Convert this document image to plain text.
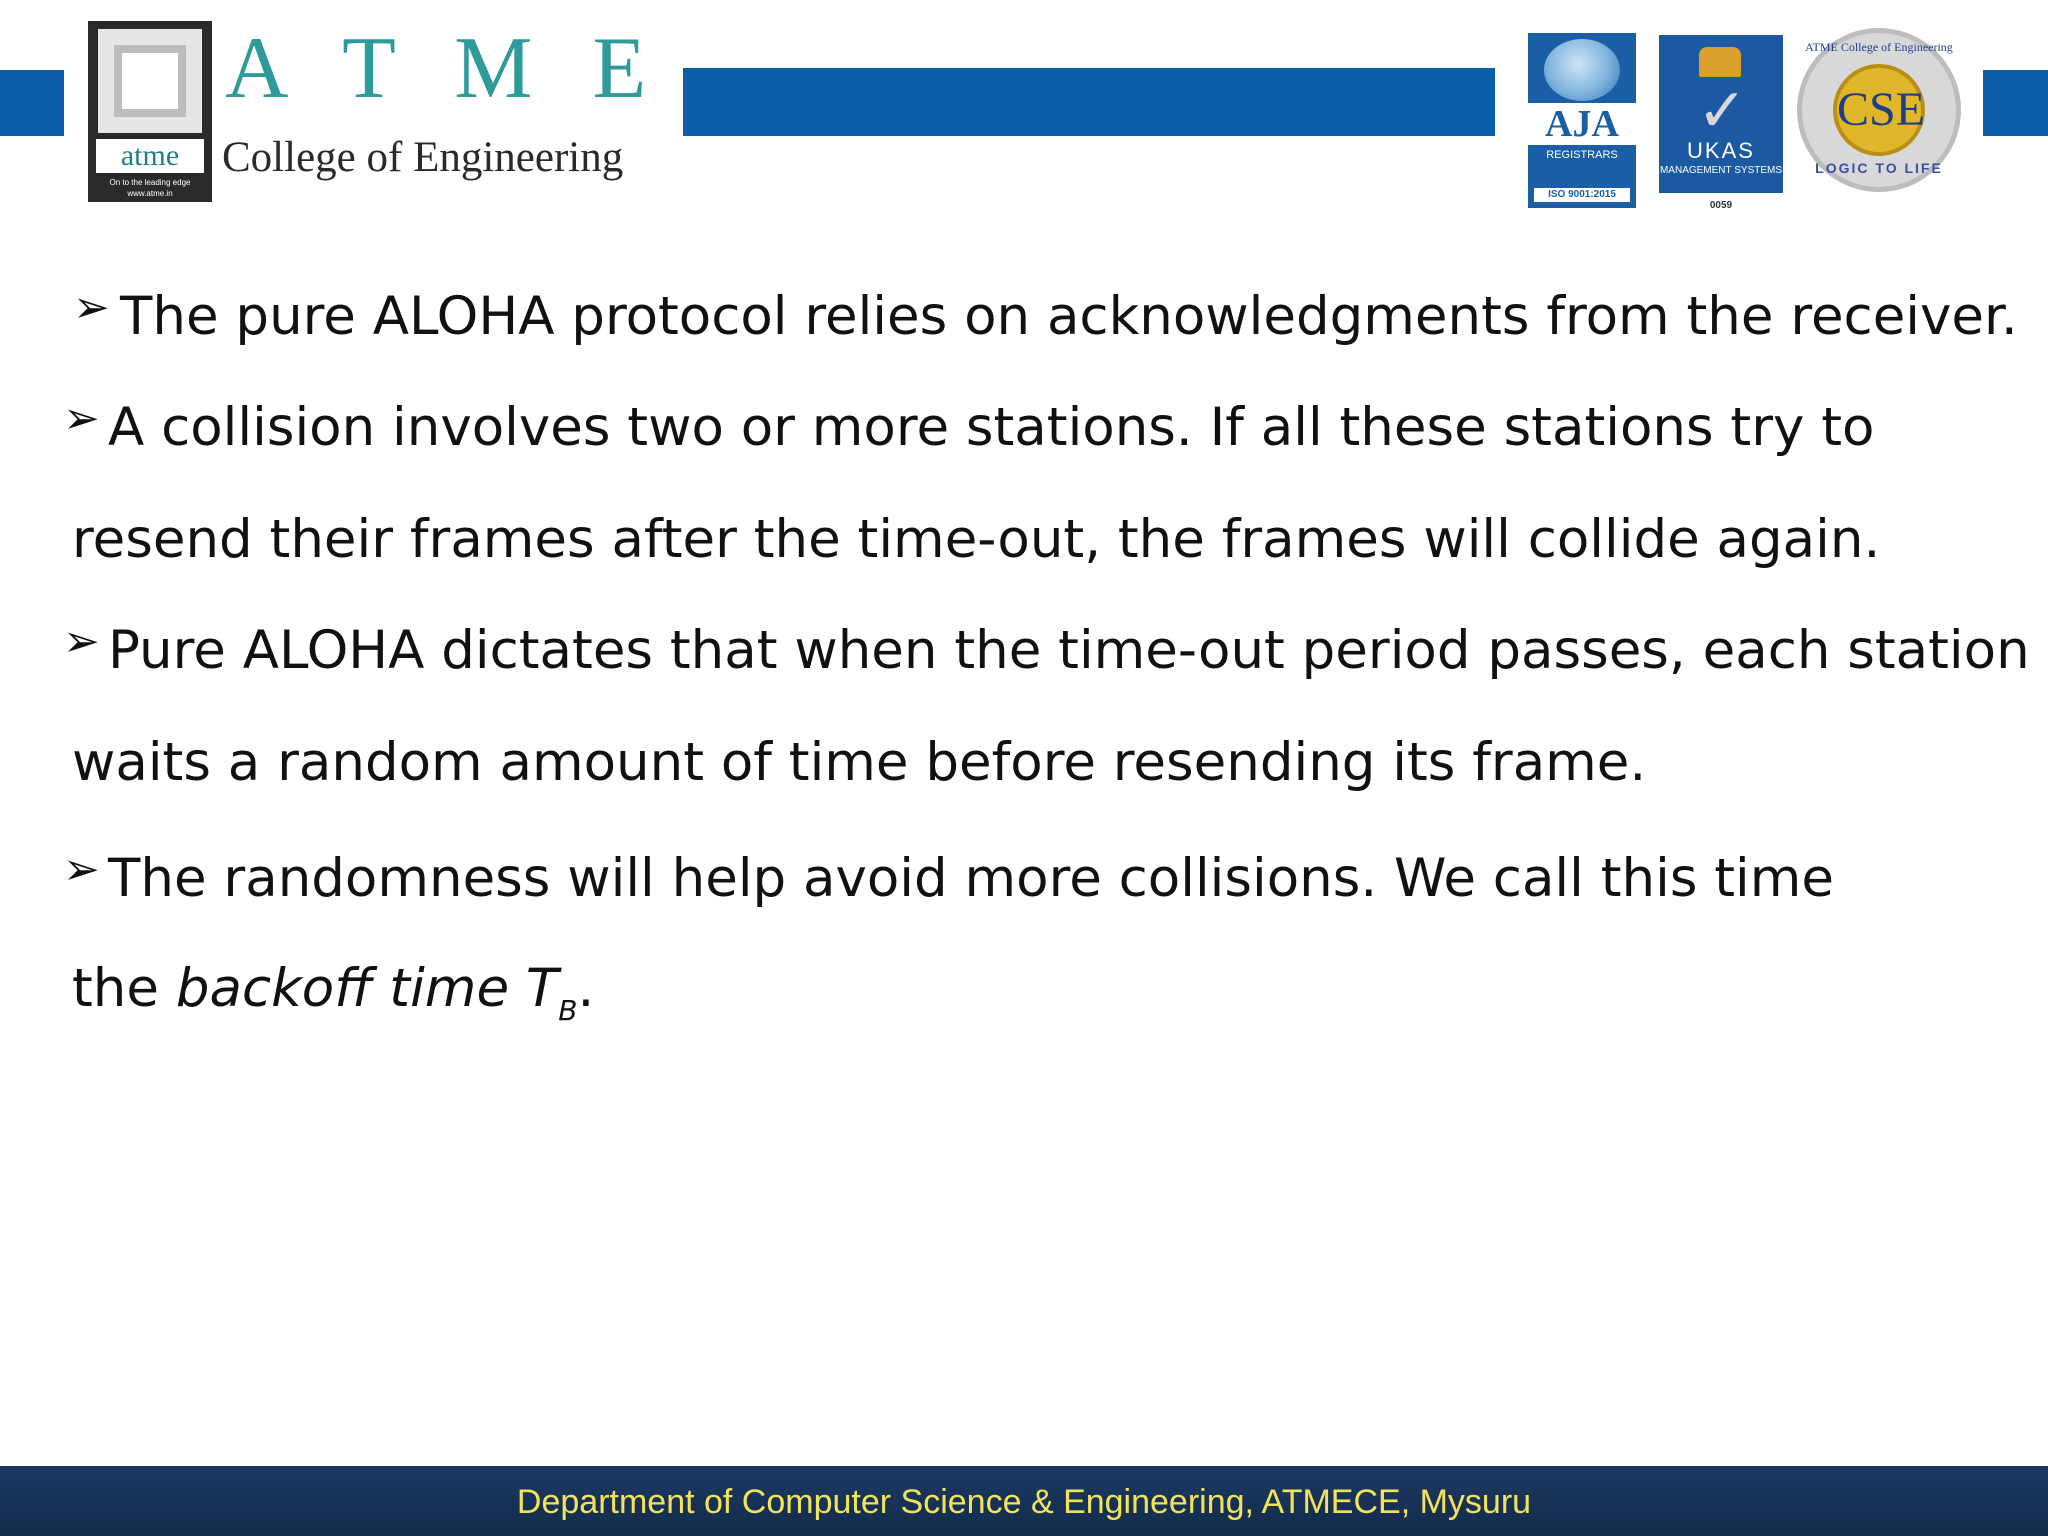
atme
On to the leading edge
www.atme.in
A T M E
College of Engineering
AJA
REGISTRARS
ISO 9001:2015
✓
UKAS
MANAGEMENT SYSTEMS
0059
ATME College of Engineering
CSE
LOGIC TO LIFE
➢ The pure ALOHA protocol relies on acknowledgments from the receiver.
➢ A collision involves two or more stations. If all these stations try to
resend their frames after the time-out, the frames will collide again.
➢ Pure ALOHA dictates that when the time-out period passes, each station
waits a random amount of time before resending its frame.
➢ The randomness will help avoid more collisions. We call this time
the backoff time $T_B$.
Department of Computer Science & Engineering, ATMECE, Mysuru
